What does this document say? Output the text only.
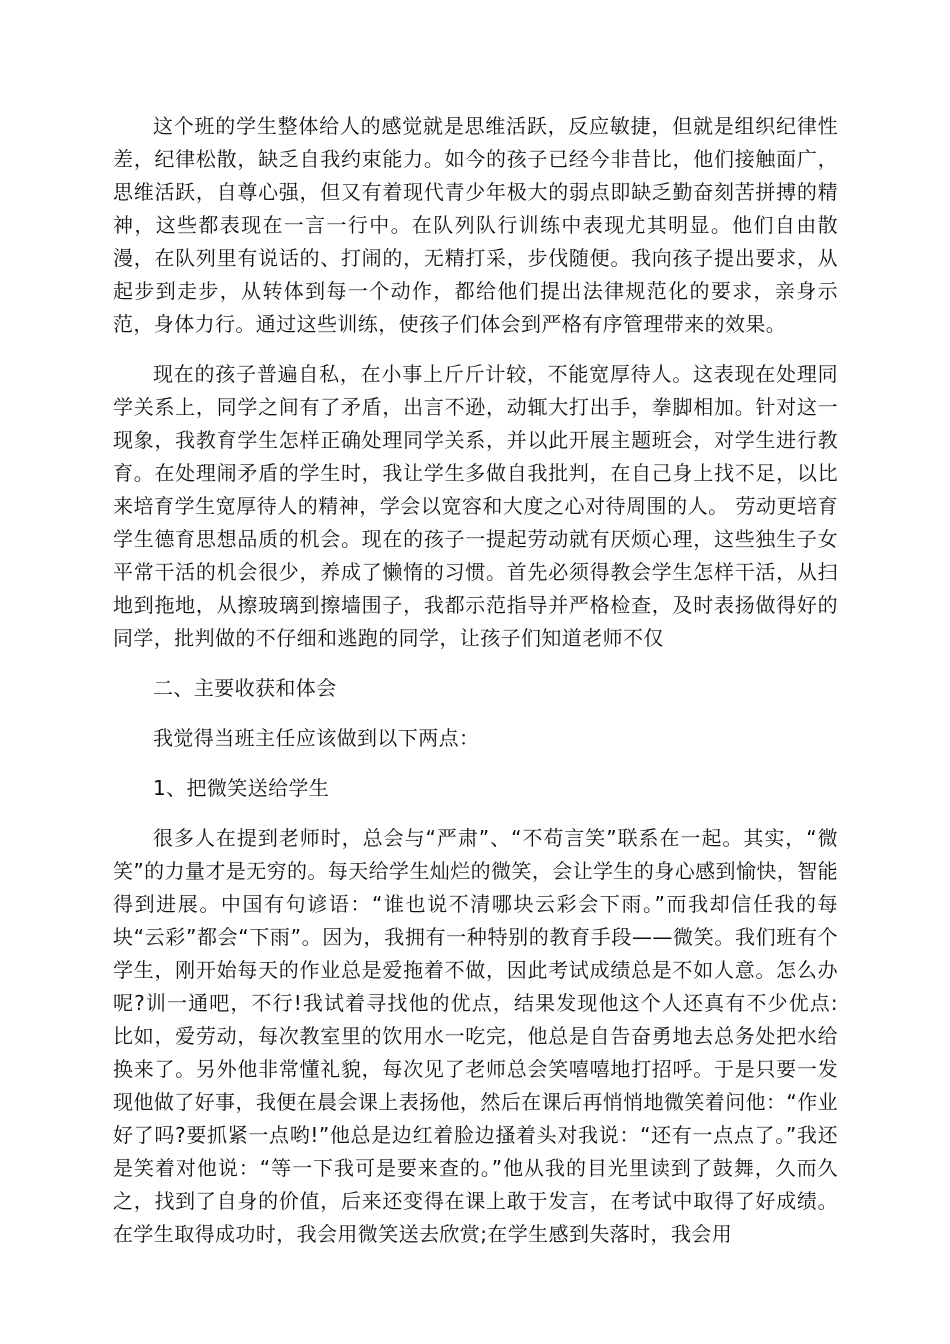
这个班的学生整体给人的感觉就是思维活跃，反应敏捷，但就是组织纪律性差，纪律松散，缺乏自我约束能力。如今的孩子已经今非昔比，他们接触面广，思维活跃，自尊心强，但又有着现代青少年极大的弱点即缺乏勤奋刻苦拼搏的精神，这些都表现在一言一行中。在队列队行训练中表现尤其明显。他们自由散漫，在队列里有说话的、打闹的，无精打采，步伐随便。我向孩子提出要求，从起步到走步，从转体到每一个动作，都给他们提出法律规范化的要求，亲身示范，身体力行。通过这些训练，使孩子们体会到严格有序管理带来的效果。

现在的孩子普遍自私，在小事上斤斤计较，不能宽厚待人。这表现在处理同学关系上，同学之间有了矛盾，出言不逊，动辄大打出手，拳脚相加。针对这一现象，我教育学生怎样正确处理同学关系，并以此开展主题班会，对学生进行教育。在处理闹矛盾的学生时，我让学生多做自我批判，在自己身上找不足，以比来培育学生宽厚待人的精神，学会以宽容和大度之心对待周围的人。 劳动更培育学生德育思想品质的机会。现在的孩子一提起劳动就有厌烦心理，这些独生子女平常干活的机会很少，养成了懒惰的习惯。首先必须得教会学生怎样干活，从扫地到拖地，从擦玻璃到擦墙围子，我都示范指导并严格检查，及时表扬做得好的同学，批判做的不仔细和逃跑的同学，让孩子们知道老师不仅

二、主要收获和体会

我觉得当班主任应该做到以下两点：

1、把微笑送给学生

很多人在提到老师时，总会与“严肃”、“不苟言笑”联系在一起。其实，“微笑”的力量才是无穷的。每天给学生灿烂的微笑，会让学生的身心感到愉快，智能得到进展。中国有句谚语：“谁也说不清哪块云彩会下雨。”而我却信任我的每块“云彩”都会“下雨”。因为，我拥有一种特别的教育手段——微笑。我们班有个学生，刚开始每天的作业总是爱拖着不做，因此考试成绩总是不如人意。怎么办呢?训一通吧，不行!我试着寻找他的优点，结果发现他这个人还真有不少优点: 比如，爱劳动，每次教室里的饮用水一吃完，他总是自告奋勇地去总务处把水给换来了。另外他非常懂礼貌，每次见了老师总会笑嘻嘻地打招呼。于是只要一发现他做了好事，我便在晨会课上表扬他，然后在课后再悄悄地微笑着问他：“作业好了吗?要抓紧一点哟!”他总是边红着脸边搔着头对我说：“还有一点点了。”我还是笑着对他说：“等一下我可是要来查的。”他从我的目光里读到了鼓舞，久而久之，找到了自身的价值，后来还变得在课上敢于发言，在考试中取得了好成绩。在学生取得成功时，我会用微笑送去欣赏;在学生感到失落时，我会用
